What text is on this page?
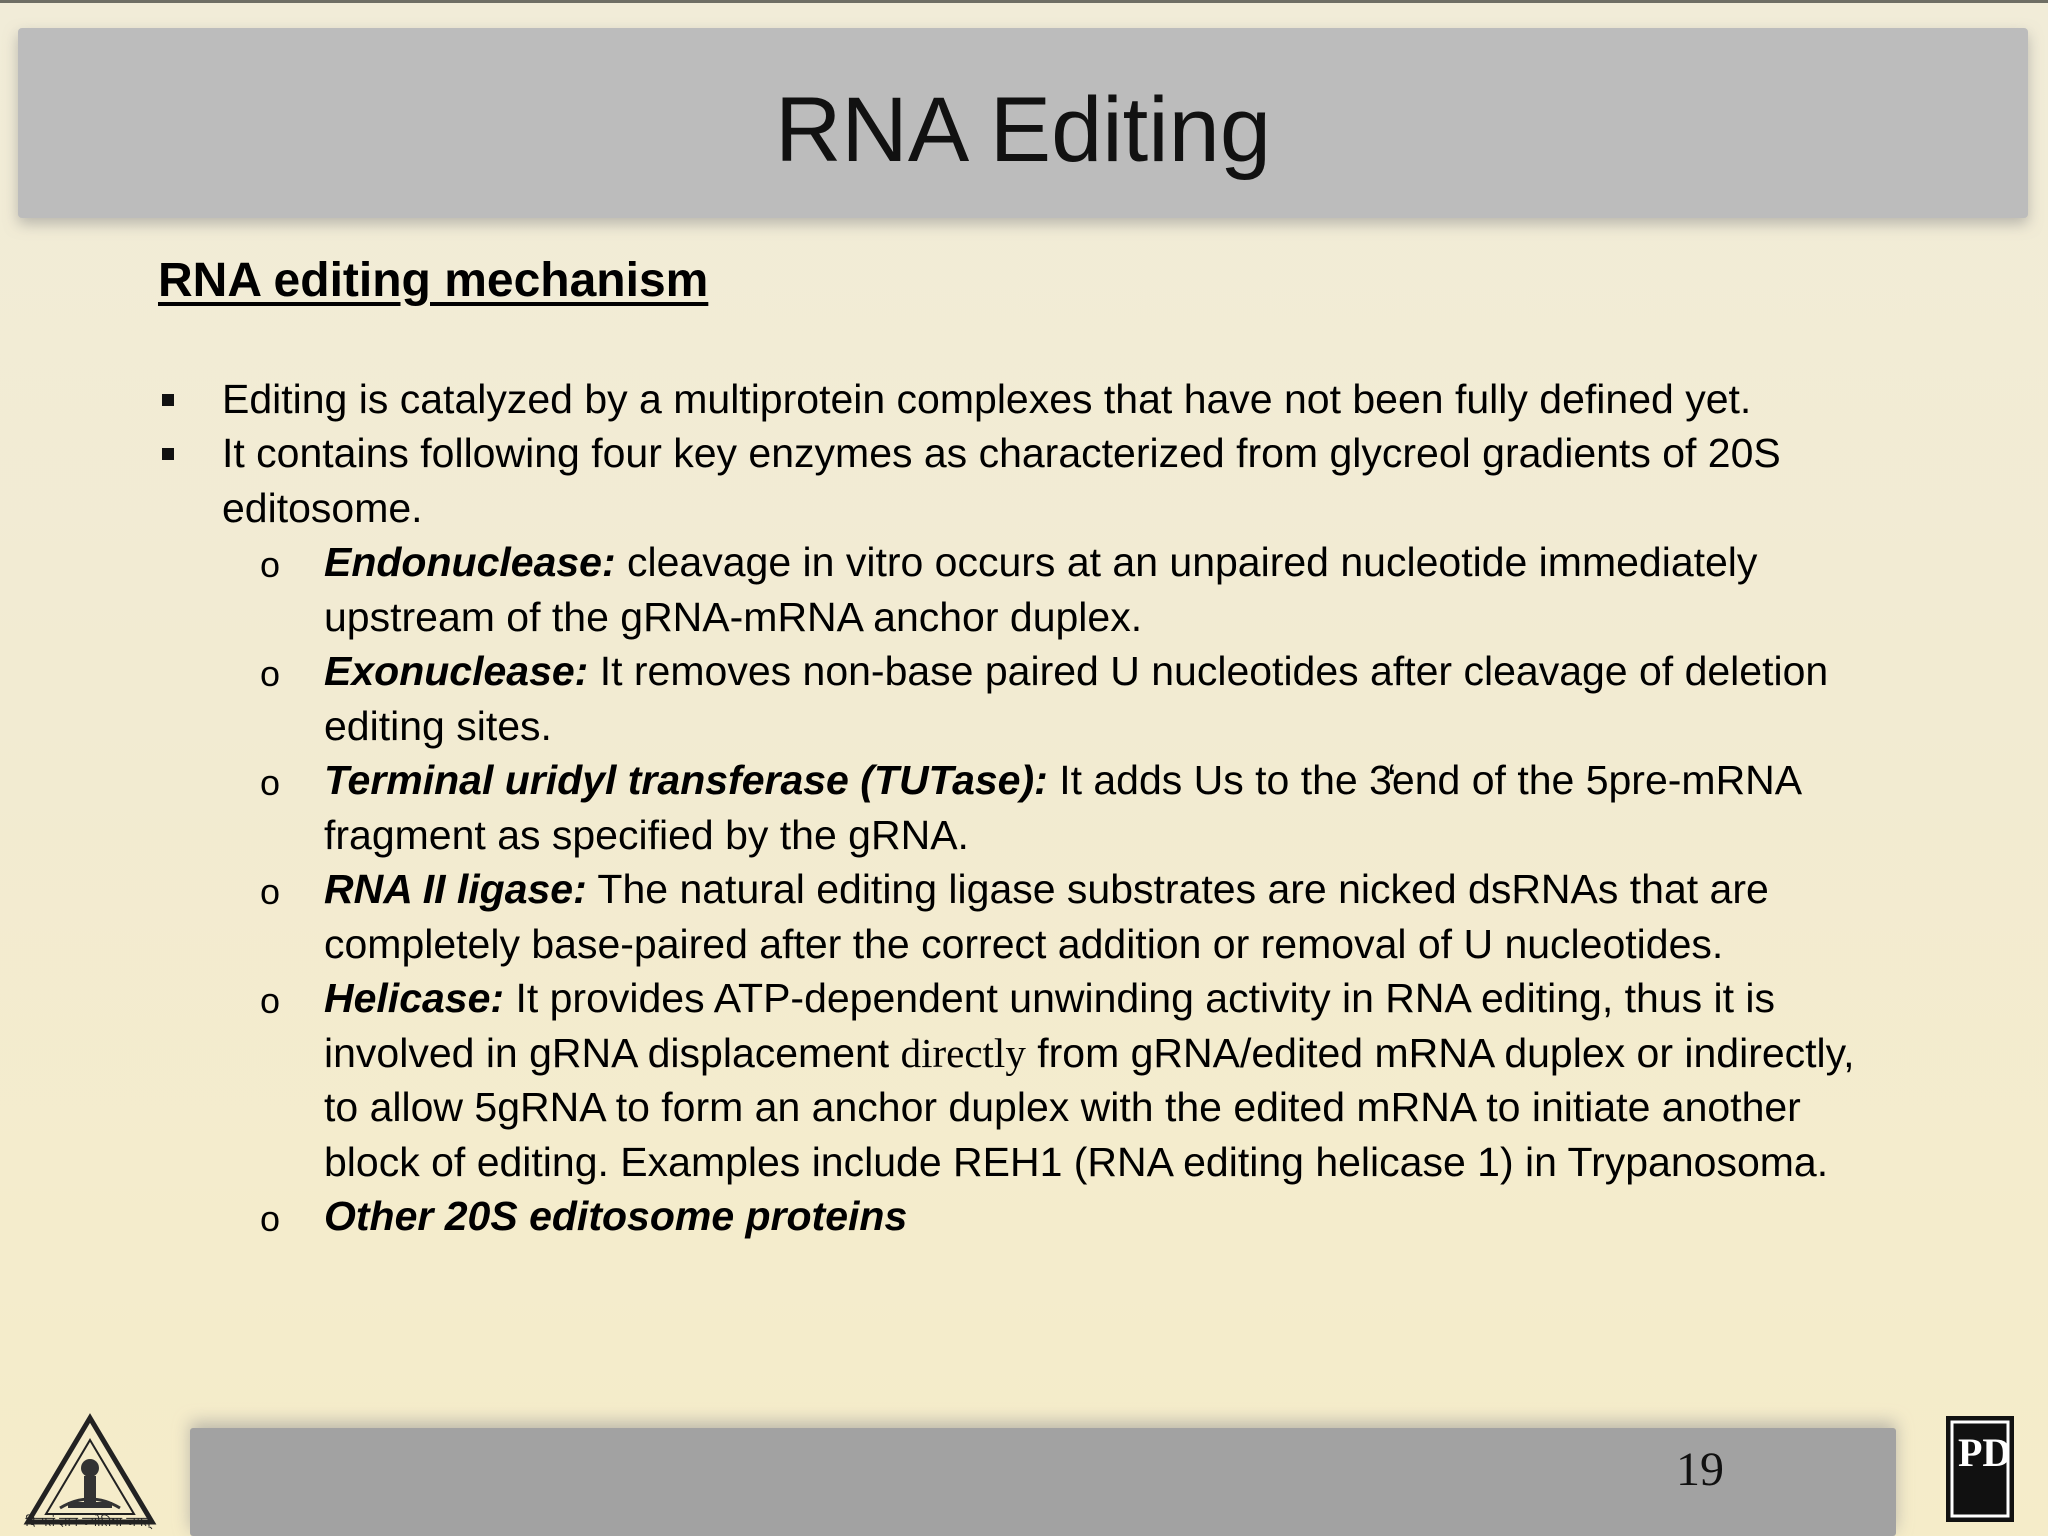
RNA Editing
RNA editing mechanism
Editing is catalyzed by a multiprotein complexes that have not been fully defined yet.
It contains following four key enzymes as characterized from glycreol gradients of 20S editosome.
o Endonuclease: cleavage in vitro occurs at an unpaired nucleotide immediately upstream of the gRNA-mRNA anchor duplex.
o Exonuclease: It removes non-base paired U nucleotides after cleavage of deletion editing sites.
o Terminal uridyl transferase (TUTase): It adds Us to the 3̒end of the 5pre-mRNA fragment as specified by the gRNA.
o RNA II ligase: The natural editing ligase substrates are nicked dsRNAs that are completely base-paired after the correct addition or removal of U nucleotides.
o Helicase: It provides ATP-dependent unwinding activity in RNA editing, thus it is involved in gRNA displacement directly from gRNA/edited mRNA duplex or indirectly, to allow 5gRNA to form an anchor duplex with the edited mRNA to initiate another block of editing. Examples include REH1 (RNA editing helicase 1) in Trypanosoma.
o Other 20S editosome proteins
19
दिव्यतं ज्ञान ज्योतिषा जगत्
PD
